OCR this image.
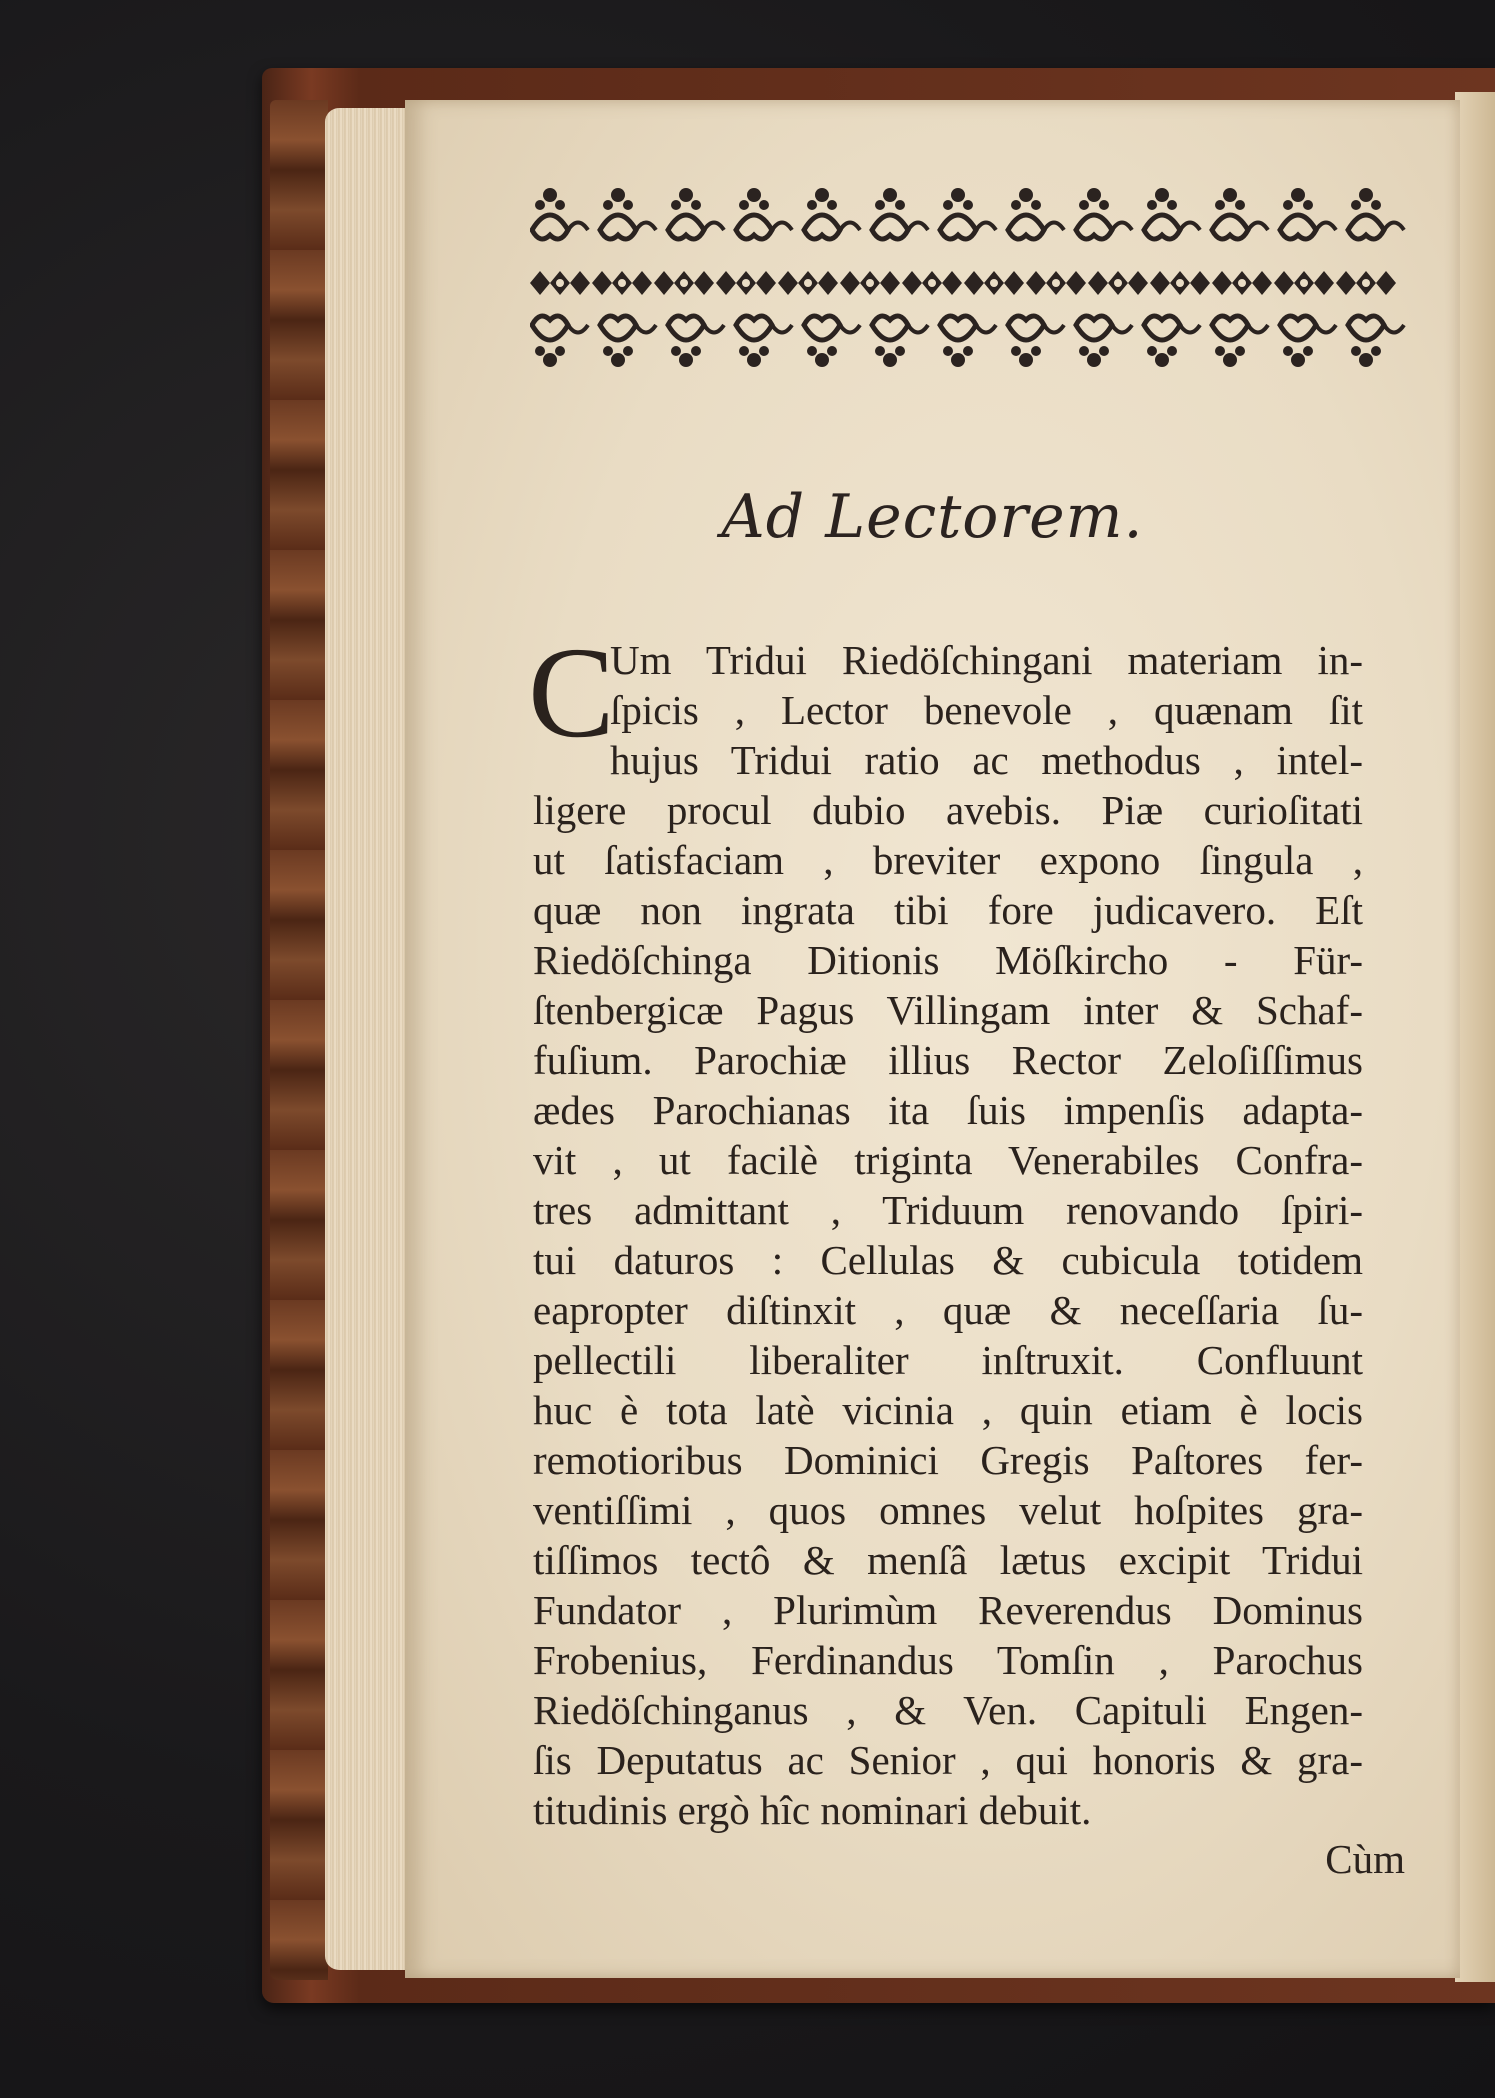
Ad Lectorem.
C
Um Tridui Riedöſchingani materiam in-
ſpicis , Lector benevole , quænam ſit
hujus Tridui ratio ac methodus , intel-
ligere procul dubio avebis. Piæ curioſitati
ut ſatisfaciam , breviter expono ſingula ,
quæ non ingrata tibi fore judicavero. Eſt
Riedöſchinga Ditionis Möſkircho - Für-
ſtenbergicæ Pagus Villingam inter & Schaf-
fuſium. Parochiæ illius Rector Zeloſiſſimus
ædes Parochianas ita ſuis impenſis adapta-
vit , ut facilè triginta Venerabiles Confra-
tres admittant , Triduum renovando ſpiri-
tui daturos : Cellulas & cubicula totidem
eapropter diſtinxit , quæ & neceſſaria ſu-
pellectili liberaliter inſtruxit. Confluunt
huc è tota latè vicinia , quin etiam è locis
remotioribus Dominici Gregis Paſtores fer-
ventiſſimi , quos omnes velut hoſpites gra-
tiſſimos tectô & menſâ lætus excipit Tridui
Fundator , Plurimùm Reverendus Dominus
Frobenius, Ferdinandus Tomſin , Parochus
Riedöſchinganus , & Ven. Capituli Engen-
ſis Deputatus ac Senior , qui honoris & gra-
titudinis ergò hîc nominari debuit.
Cùm
